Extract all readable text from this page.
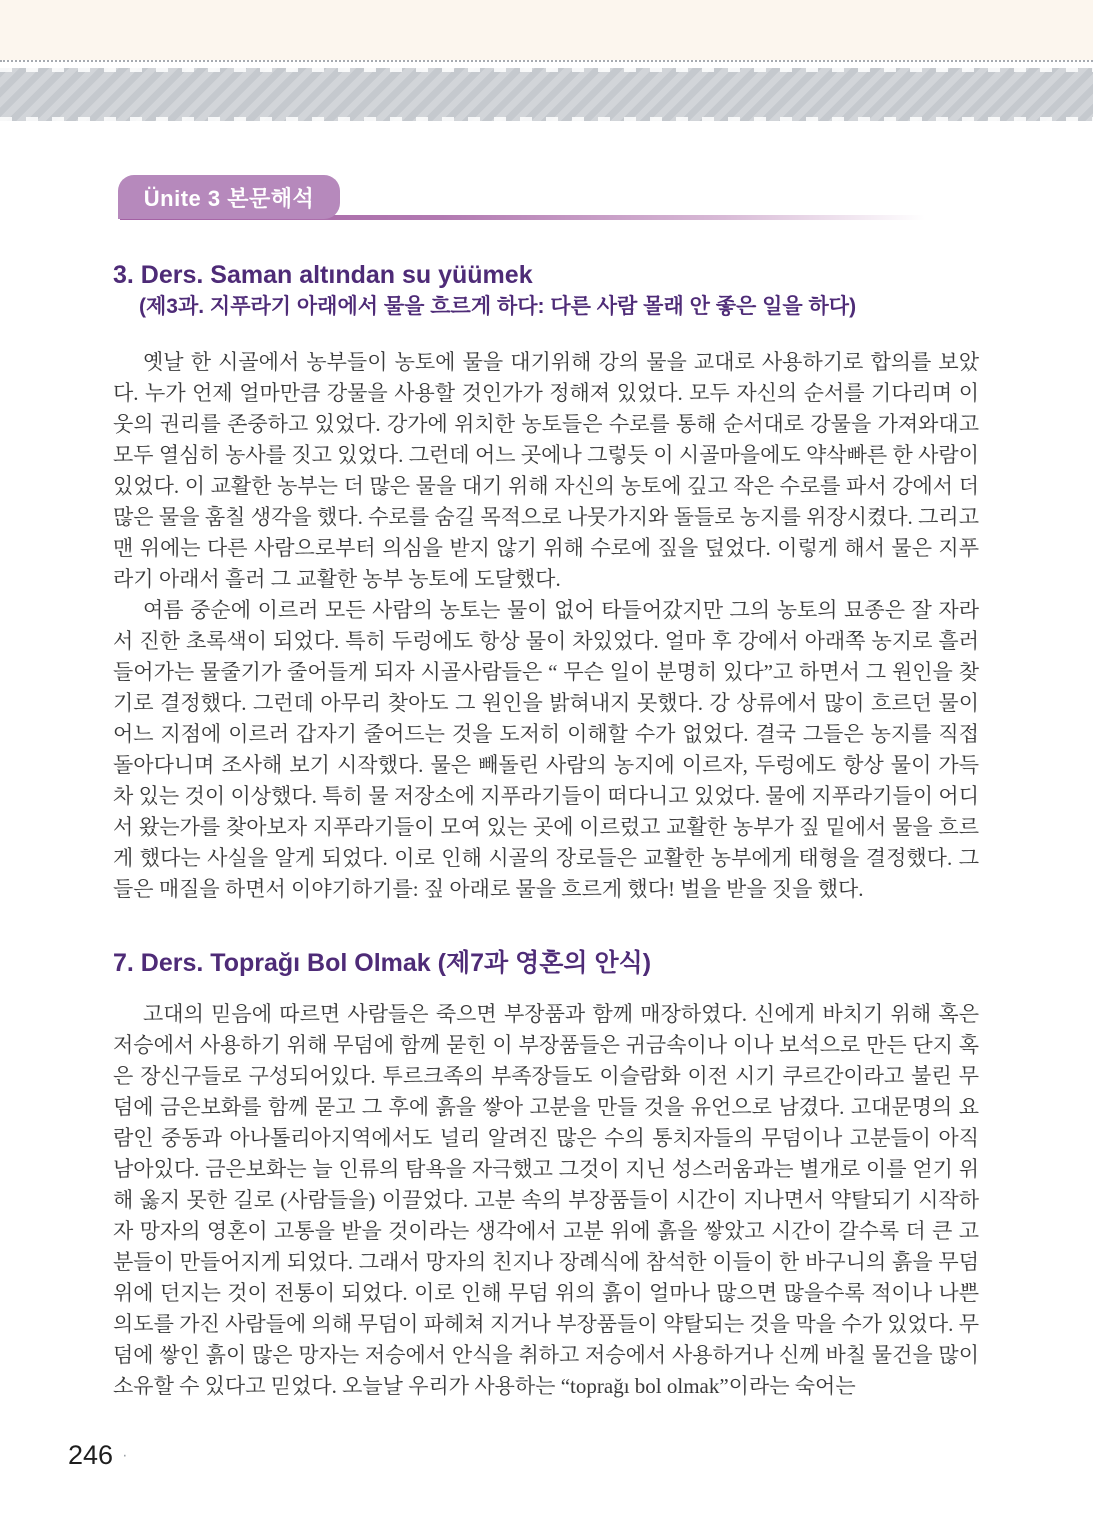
Ünite 3 본문해석
3. Ders. Saman altından su yüümek
(제3과. 지푸라기 아래에서 물을 흐르게 하다: 다른 사람 몰래 안 좋은 일을 하다)

옛날 한 시골에서 농부들이 농토에 물을 대기위해 강의 물을 교대로 사용하기로 합의를 보았다. 누가 언제 얼마만큼 강물을 사용할 것인가가 정해져 있었다. 모두 자신의 순서를 기다리며 이웃의 권리를 존중하고 있었다. 강가에 위치한 농토들은 수로를 통해 순서대로 강물을 가져와대고 모두 열심히 농사를 짓고 있었다. 그런데 어느 곳에나 그렇듯 이 시골마을에도 약삭빠른 한 사람이 있었다. 이 교활한 농부는 더 많은 물을 대기 위해 자신의 농토에 깊고 작은 수로를 파서 강에서 더 많은 물을 훔칠 생각을 했다. 수로를 숨길 목적으로 나뭇가지와 돌들로 농지를 위장시켰다. 그리고 맨 위에는 다른 사람으로부터 의심을 받지 않기 위해 수로에 짚을 덮었다. 이렇게 해서 물은 지푸라기 아래서 흘러 그 교활한 농부 농토에 도달했다.

여름 중순에 이르러 모든 사람의 농토는 물이 없어 타들어갔지만 그의 농토의 묘종은 잘 자라서 진한 초록색이 되었다. 특히 두렁에도 항상 물이 차있었다. 얼마 후 강에서 아래쪽 농지로 흘러들어가는 물줄기가 줄어들게 되자 시골사람들은 “ 무슨 일이 분명히 있다”고 하면서 그 원인을 찾기로 결정했다. 그런데 아무리 찾아도 그 원인을 밝혀내지 못했다. 강 상류에서 많이 흐르던 물이 어느 지점에 이르러 갑자기 줄어드는 것을 도저히 이해할 수가 없었다. 결국 그들은 농지를 직접 돌아다니며 조사해 보기 시작했다. 물은 빼돌린 사람의 농지에 이르자, 두렁에도 항상 물이 가득 차 있는 것이 이상했다. 특히 물 저장소에 지푸라기들이 떠다니고 있었다. 물에 지푸라기들이 어디서 왔는가를 찾아보자 지푸라기들이 모여 있는 곳에 이르렀고 교활한 농부가 짚 밑에서 물을 흐르게 했다는 사실을 알게 되었다. 이로 인해 시골의 장로들은 교활한 농부에게 태형을 결정했다. 그들은 매질을 하면서 이야기하기를: 짚 아래로 물을 흐르게 했다! 벌을 받을 짓을 했다.

7. Ders. Toprağı Bol Olmak (제7과 영혼의 안식)

고대의 믿음에 따르면 사람들은 죽으면 부장품과 함께 매장하였다. 신에게 바치기 위해 혹은 저승에서 사용하기 위해 무덤에 함께 묻힌 이 부장품들은 귀금속이나 이나 보석으로 만든 단지 혹은 장신구들로 구성되어있다. 투르크족의 부족장들도 이슬람화 이전 시기 쿠르간이라고 불린 무덤에 금은보화를 함께 묻고 그 후에 흙을 쌓아 고분을 만들 것을 유언으로 남겼다. 고대문명의 요람인 중동과 아나톨리아지역에서도 널리 알려진 많은 수의 통치자들의 무덤이나 고분들이 아직 남아있다. 금은보화는 늘 인류의 탐욕을 자극했고 그것이 지닌 성스러움과는 별개로 이를 얻기 위해 옳지 못한 길로 (사람들을) 이끌었다. 고분 속의 부장품들이 시간이 지나면서 약탈되기 시작하자 망자의 영혼이 고통을 받을 것이라는 생각에서 고분 위에 흙을 쌓았고 시간이 갈수록 더 큰 고분들이 만들어지게 되었다. 그래서 망자의 친지나 장례식에 참석한 이들이 한 바구니의 흙을 무덤 위에 던지는 것이 전통이 되었다. 이로 인해 무덤 위의 흙이 얼마나 많으면 많을수록 적이나 나쁜 의도를 가진 사람들에 의해 무덤이 파헤쳐 지거나 부장품들이 약탈되는 것을 막을 수가 있었다. 무덤에 쌓인 흙이 많은 망자는 저승에서 안식을 취하고 저승에서 사용하거나 신께 바칠 물건을 많이 소유할 수 있다고 믿었다. 오늘날 우리가 사용하는 “toprağı bol olmak”이라는 숙어는

246 ·
